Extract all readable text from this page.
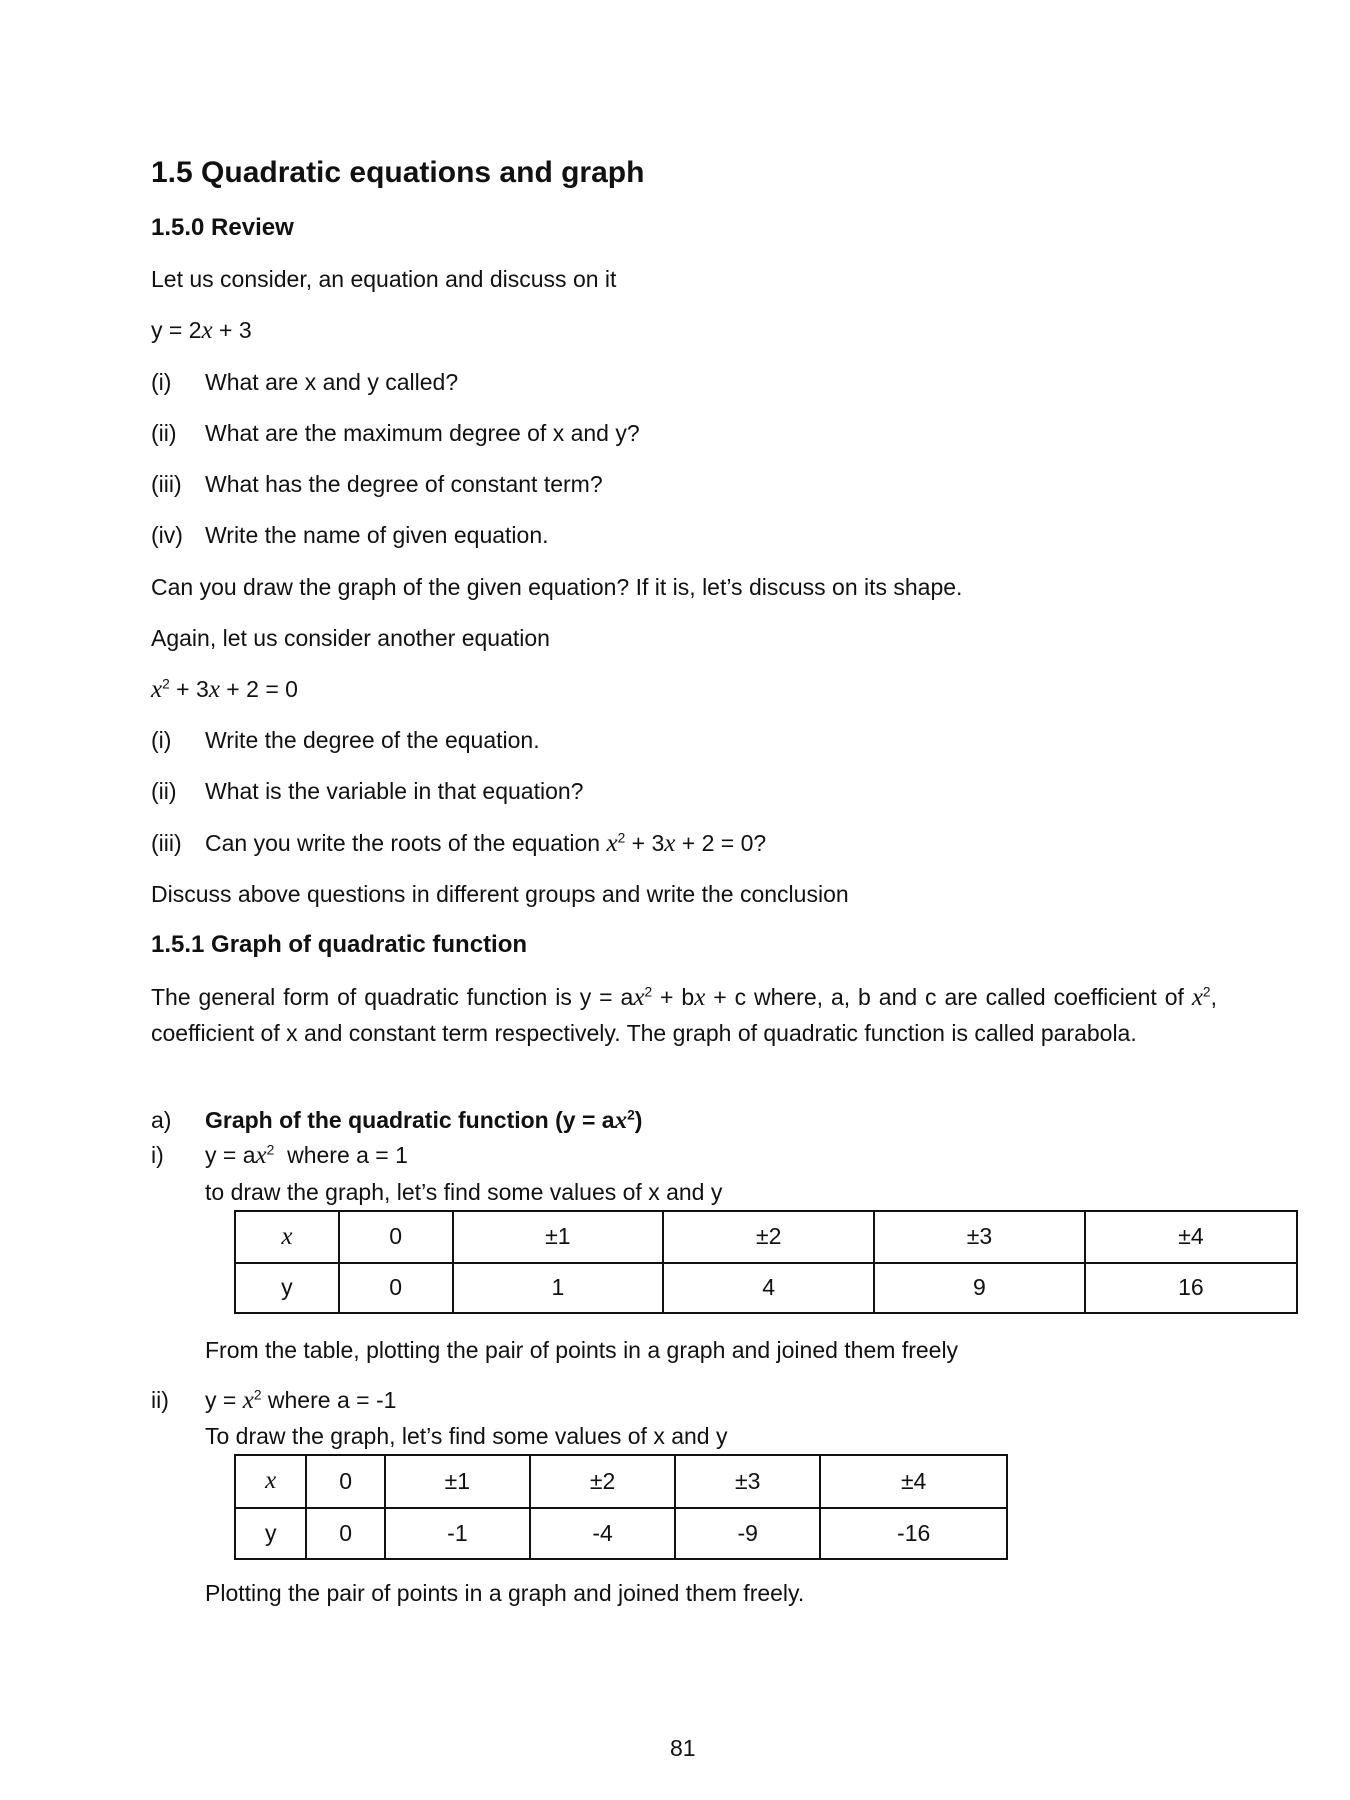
1.5 Quadratic equations and graph
1.5.0 Review
Let us consider, an equation and discuss on it
y = 2x + 3
(i) What are x and y called?
(ii) What are the maximum degree of x and y?
(iii) What has the degree of constant term?
(iv) Write the name of given equation.
Can you draw the graph of the given equation? If it is, let’s discuss on its shape.
Again, let us consider another equation
$x^2 + 3x + 2 = 0$
(i) Write the degree of the equation.
(ii) What is the variable in that equation?
(iii) Can you write the roots of the equation $x^2 + 3x + 2 = 0$?
Discuss above questions in different groups and write the conclusion
1.5.1 Graph of quadratic function
The general form of quadratic function is $y = ax^2$ + bx + c where, a, b and c are called coefficient of $x^2$, coefficient of x and constant term respectively. The graph of quadratic function is called parabola.
a) Graph of the quadratic function $(y = ax^2)$
i) $y = ax^2$  where a = 1
to draw the graph, let’s find some values of x and y
x	0	±1	±2	±3	±4
y	0	1	4	9	16
From the table, plotting the pair of points in a graph and joined them freely
ii) $y = x^2$ where a = -1
To draw the graph, let’s find some values of x and y
x	0	±1	±2	±3	±4
y	0	-1	-4	-9	-16
Plotting the pair of points in a graph and joined them freely.
81
